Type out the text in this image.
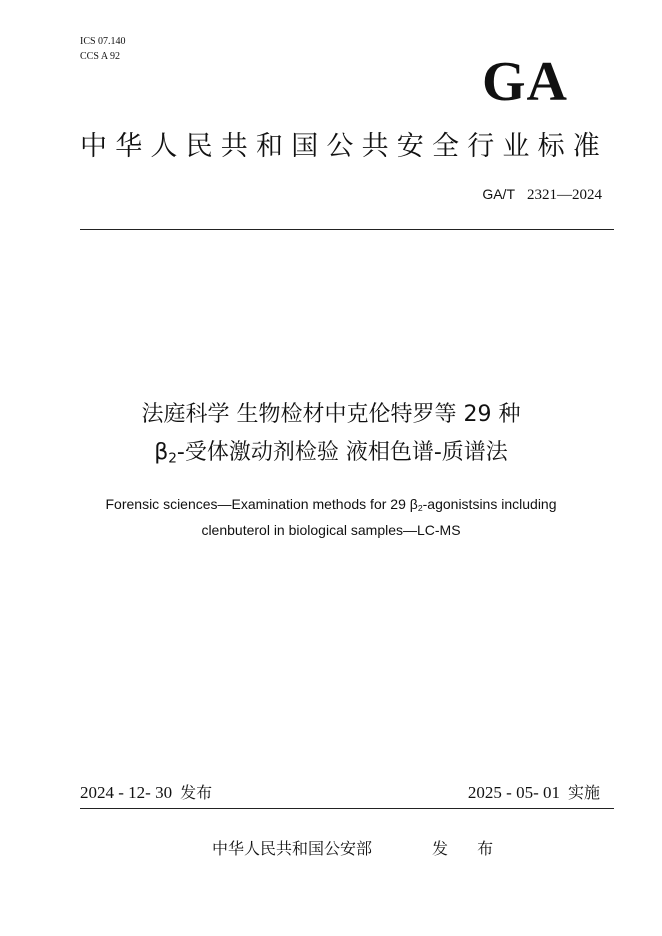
ICS 07.140
CCS A 92	GA
中华人民共和国公共安全行业标准
GA/T 2321—2024
法庭科学 生物检材中克伦特罗等 29 种
$\beta_2-$受体激动剂检验 液相色谱-质谱法
Forensic sciences—Examination methods for 29 $\beta_2$-agonistsins including
clenbuterol in biological samples—LC-MS
2024 - 12- 30 发布	2025 - 05- 01 实施
中华人民共和国公安部	发 布
